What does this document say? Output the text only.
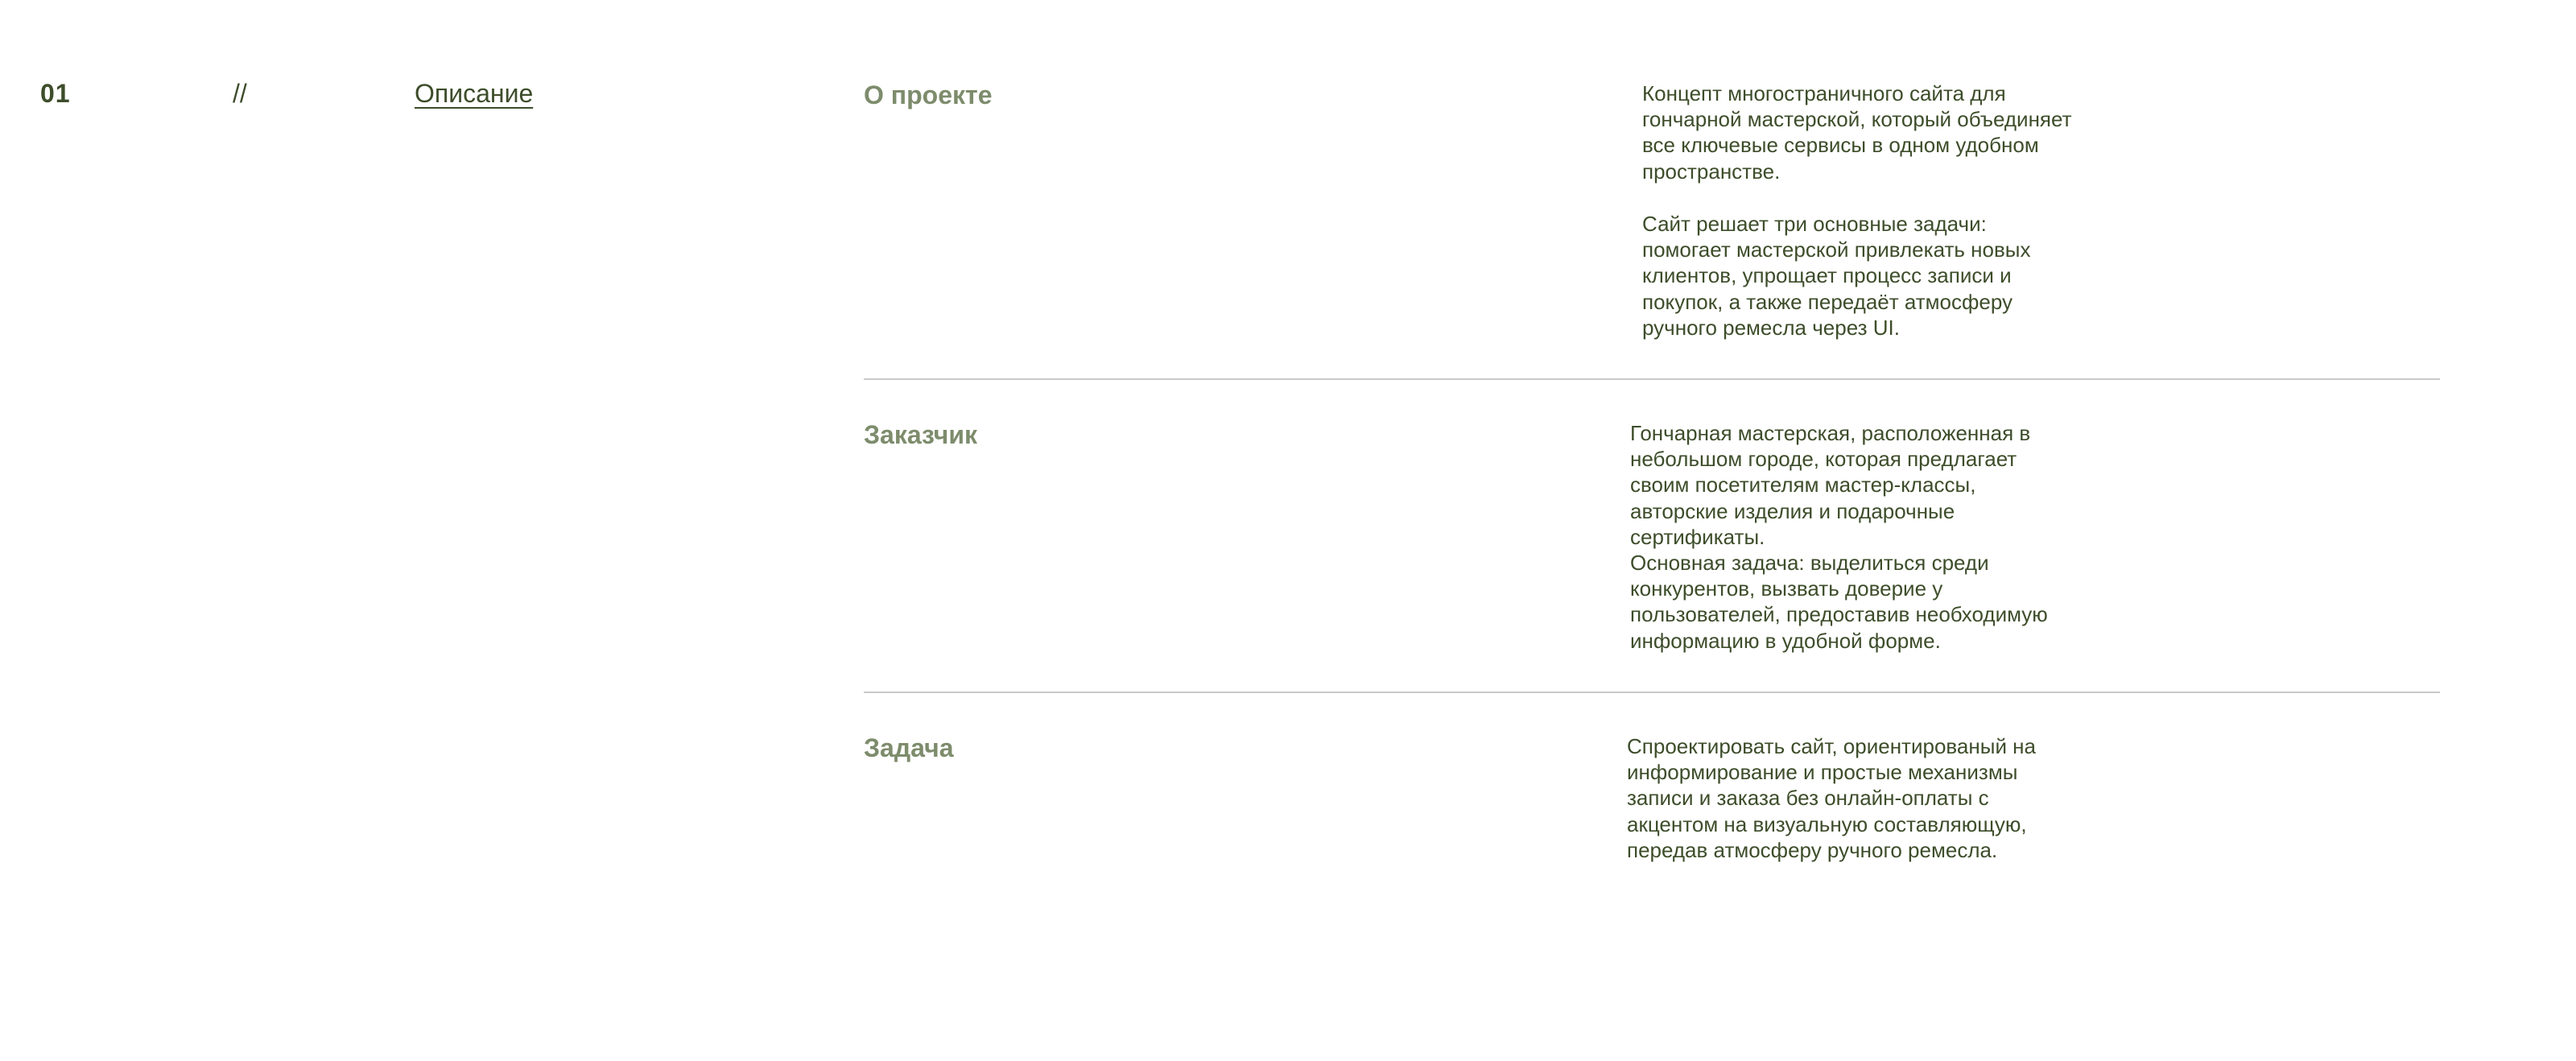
01	//	Описание	О проекте	Концепт многостраничного сайта для
гончарной мастерской, который объединяет
все ключевые сервисы в одном удобном
пространстве.
Сайт решает три основные задачи:
помогает мастерской привлекать новых
клиентов, упрощает процесс записи и
покупок, а также передаёт атмосферу
ручного ремесла через UI.
Заказчик	Гончарная мастерская, расположенная в
небольшом городе, которая предлагает
своим посетителям мастер-классы,
авторские изделия и подарочные
сертификаты.
Основная задача: выделиться среди
конкурентов, вызвать доверие у
пользователей, предоставив необходимую
информацию в удобной форме.
Задача	Спроектировать сайт, ориентированый на
информирование и простые механизмы
записи и заказа без онлайн-оплаты с
акцентом на визуальную составляющую,
передав атмосферу ручного ремесла.
